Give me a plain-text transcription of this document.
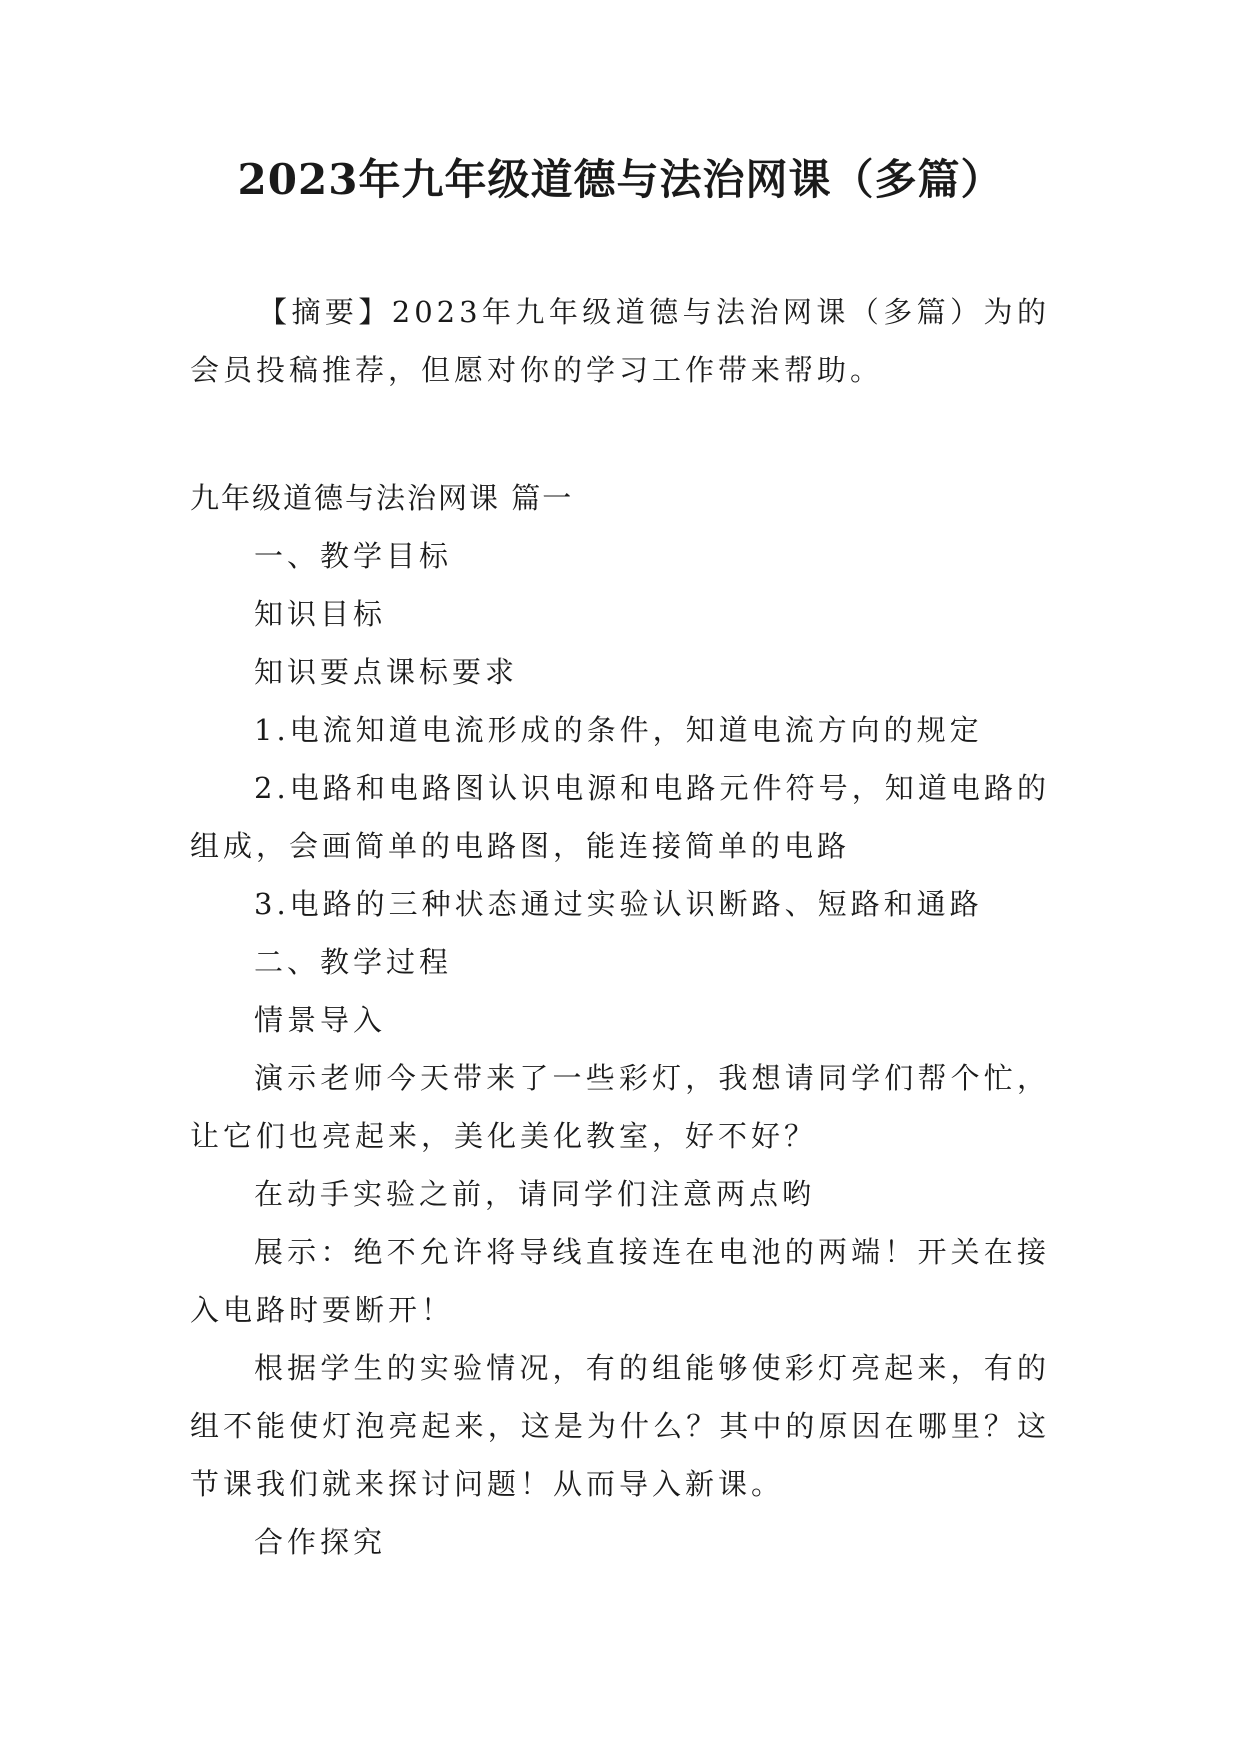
2023年九年级道德与法治网课（多篇）

【摘要】2023年九年级道德与法治网课（多篇）为的会员投稿推荐，但愿对你的学习工作带来帮助。

九年级道德与法治网课 篇一

一、教学目标

知识目标

知识要点课标要求

1.电流知道电流形成的条件，知道电流方向的规定

2.电路和电路图认识电源和电路元件符号，知道电路的组成，会画简单的电路图，能连接简单的电路

3.电路的三种状态通过实验认识断路、短路和通路

二、教学过程

情景导入

演示老师今天带来了一些彩灯，我想请同学们帮个忙，让它们也亮起来，美化美化教室，好不好？

在动手实验之前，请同学们注意两点哟

展示：绝不允许将导线直接连在电池的两端！开关在接入电路时要断开！

根据学生的实验情况，有的组能够使彩灯亮起来，有的组不能使灯泡亮起来，这是为什么？其中的原因在哪里？这节课我们就来探讨问题！从而导入新课。

合作探究
